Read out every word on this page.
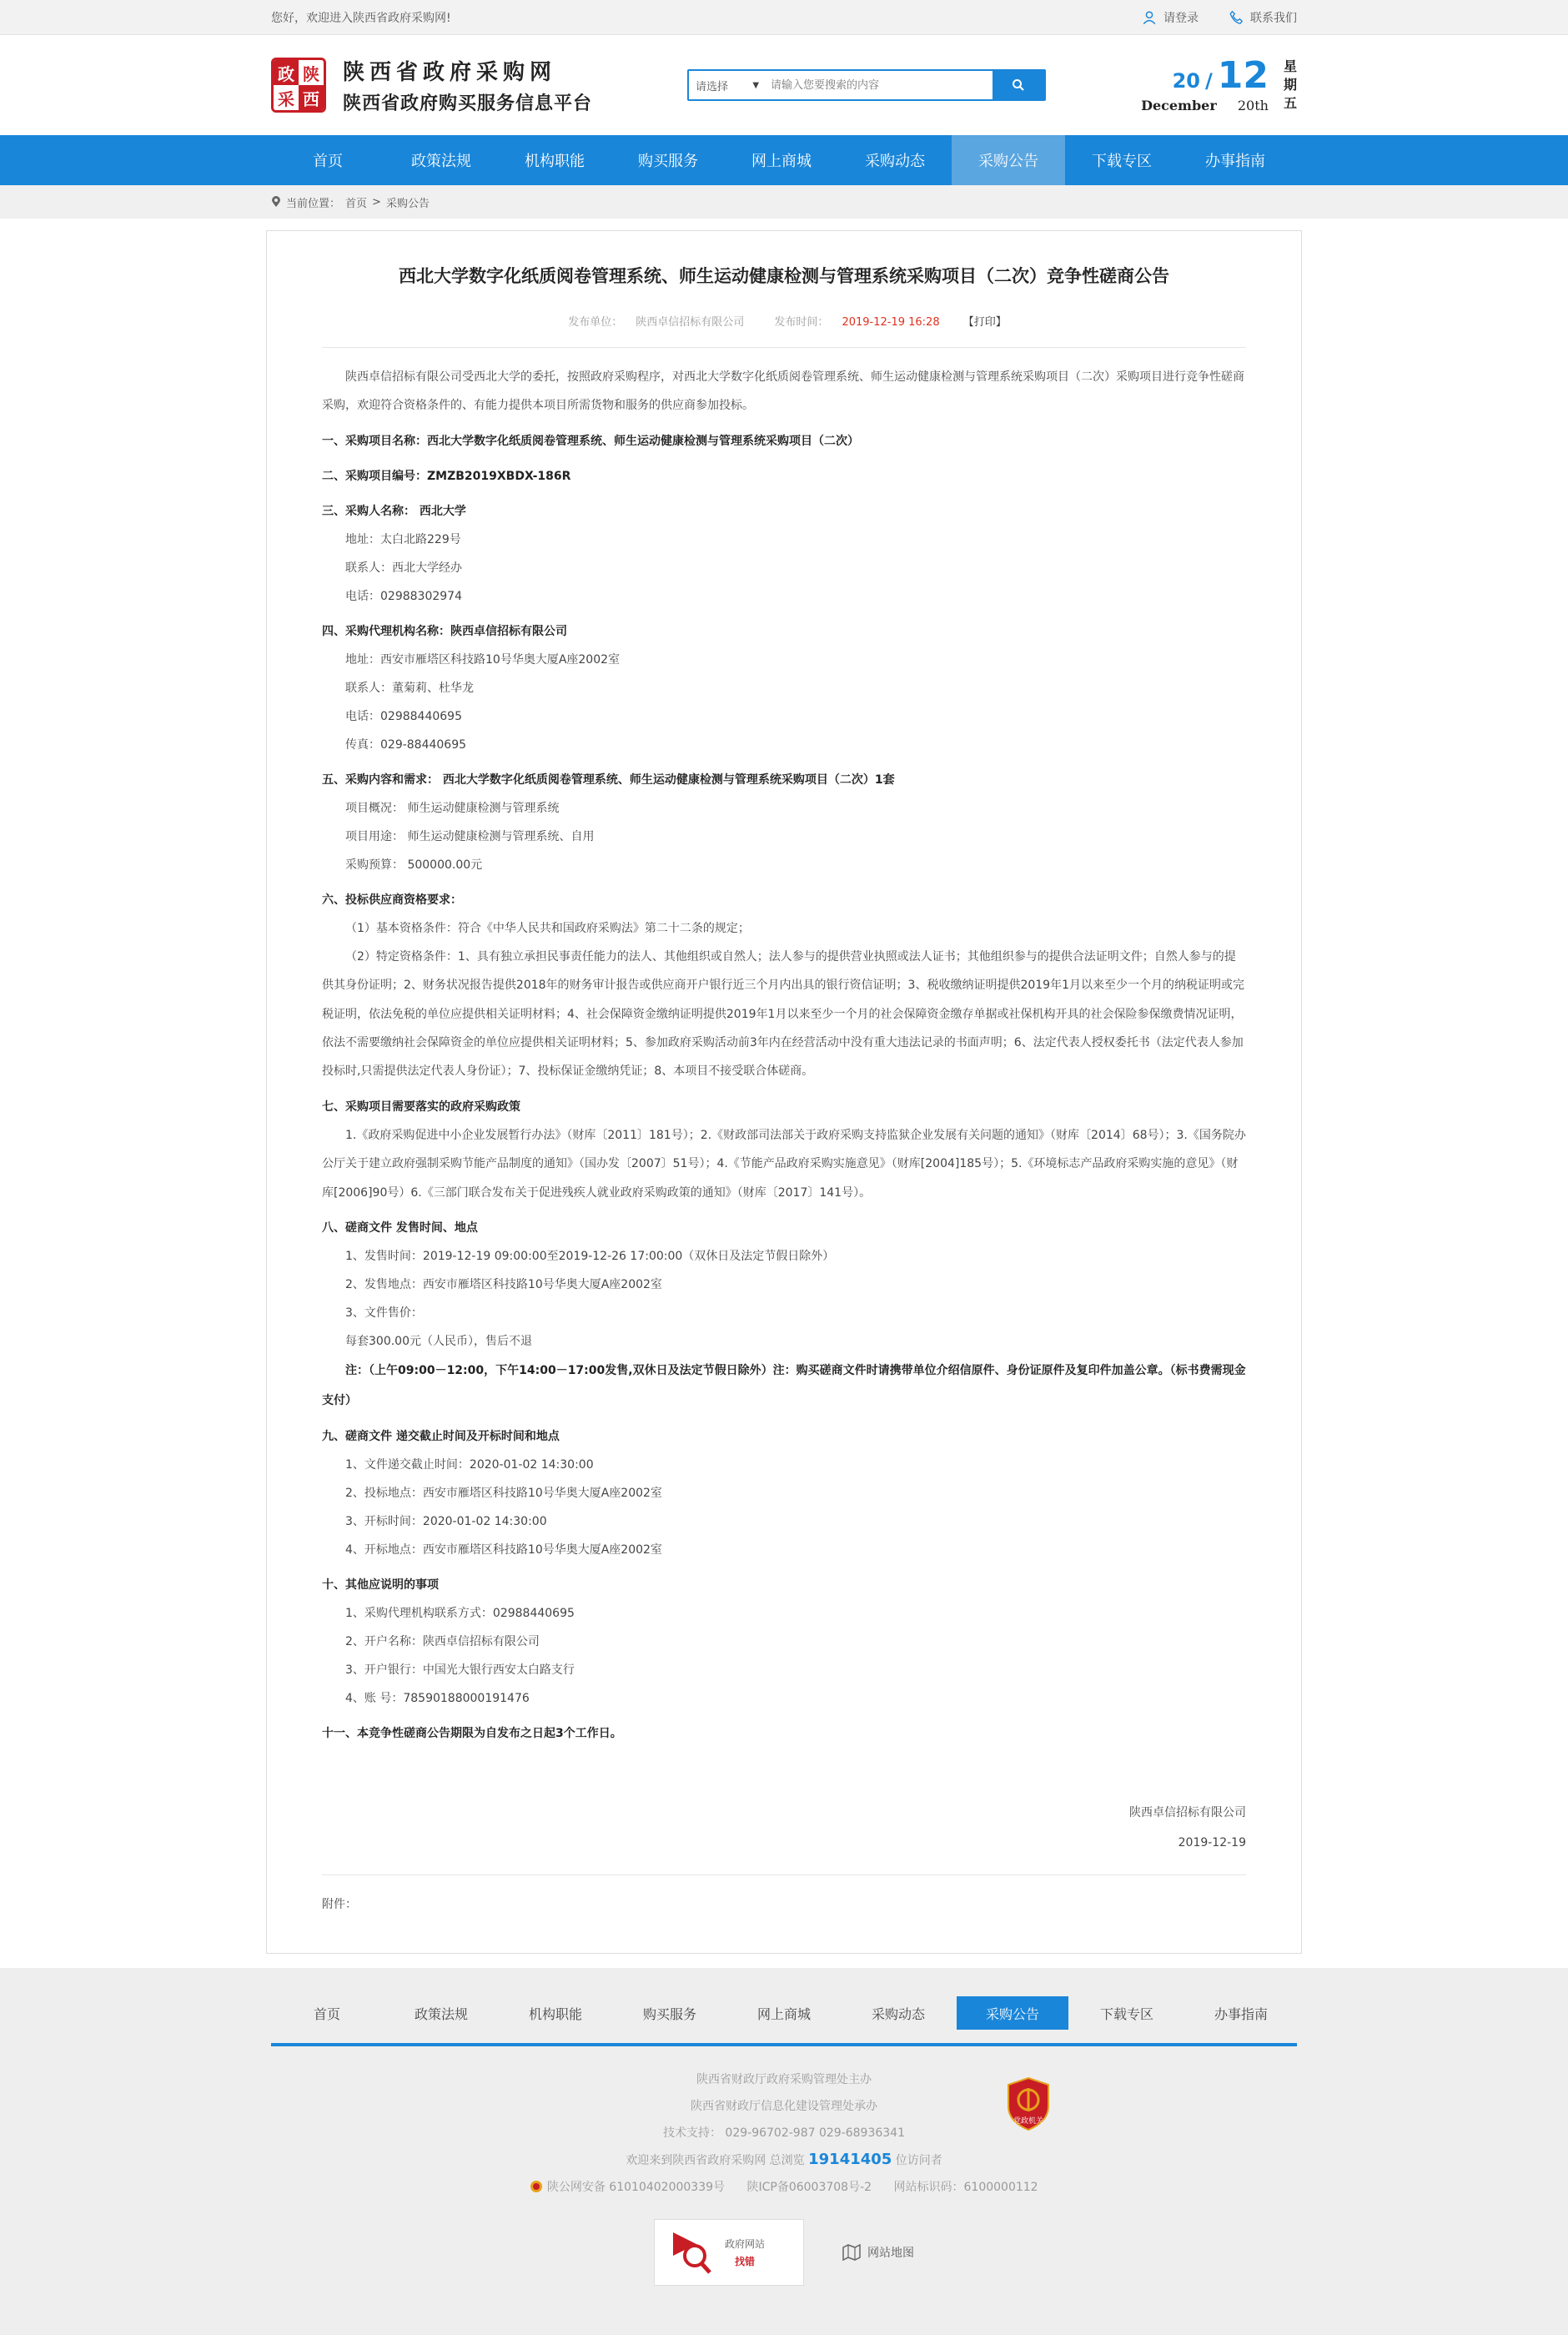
您好，欢迎进入陕西省政府采购网!	请登录	联系我们
政 陕
采 西
陕西省政府采购网
陕西省政府购买服务信息平台
请选择	▼
请输入您要搜索的内容	20 / 12
December 20th
星
期
五
首页	政策法规	机构职能	购买服务	网上商城	采购动态	采购公告	下载专区	办事指南
当前位置： 首页 > 采购公告
西北大学数字化纸质阅卷管理系统、师生运动健康检测与管理系统采购项目（二次）竞争性磋商公告
发布单位： 陕西卓信招标有限公司	发布时间： 2019-12-19 16:28 【打印】

陕西卓信招标有限公司受西北大学的委托，按照政府采购程序，对西北大学数字化纸质阅卷管理系统、师生运动健康检测与管理系统采购项目（二次）采购项目进行竞争性磋商采购，欢迎符合资格条件的、有能力提供本项目所需货物和服务的供应商参加投标。

一、采购项目名称：西北大学数字化纸质阅卷管理系统、师生运动健康检测与管理系统采购项目（二次）

二、采购项目编号：ZMZB2019XBDX-186R

三、采购人名称： 西北大学

地址：太白北路229号

联系人：西北大学经办

电话：02988302974

四、采购代理机构名称：陕西卓信招标有限公司

地址：西安市雁塔区科技路10号华奥大厦A座2002室

联系人：董菊莉、杜华龙

电话：02988440695

传真：029-88440695

五、采购内容和需求： 西北大学数字化纸质阅卷管理系统、师生运动健康检测与管理系统采购项目（二次）1套

项目概况： 师生运动健康检测与管理系统

项目用途： 师生运动健康检测与管理系统、自用

采购预算： 500000.00元

六、投标供应商资格要求：

（1）基本资格条件：符合《中华人民共和国政府采购法》第二十二条的规定；

（2）特定资格条件：1、具有独立承担民事责任能力的法人、其他组织或自然人；法人参与的提供营业执照或法人证书；其他组织参与的提供合法证明文件；自然人参与的提供其身份证明；2、财务状况报告提供2018年的财务审计报告或供应商开户银行近三个月内出具的银行资信证明；3、税收缴纳证明提供2019年1月以来至少一个月的纳税证明或完税证明，依法免税的单位应提供相关证明材料；4、社会保障资金缴纳证明提供2019年1月以来至少一个月的社会保障资金缴存单据或社保机构开具的社会保险参保缴费情况证明，依法不需要缴纳社会保障资金的单位应提供相关证明材料；5、参加政府采购活动前3年内在经营活动中没有重大违法记录的书面声明；6、法定代表人授权委托书（法定代表人参加投标时,只需提供法定代表人身份证）；7、投标保证金缴纳凭证；8、本项目不接受联合体磋商。

七、采购项目需要落实的政府采购政策

1.《政府采购促进中小企业发展暂行办法》（财库〔2011〕181号）；2.《财政部司法部关于政府采购支持监狱企业发展有关问题的通知》（财库〔2014〕68号）；3.《国务院办公厅关于建立政府强制采购节能产品制度的通知》（国办发〔2007〕51号）；4.《节能产品政府采购实施意见》（财库[2004]185号）；5.《环境标志产品政府采购实施的意见》（财库[2006]90号）6.《三部门联合发布关于促进残疾人就业政府采购政策的通知》（财库〔2017〕141号）。

八、磋商文件 发售时间、地点

1、发售时间：2019-12-19 09:00:00至2019-12-26 17:00:00（双休日及法定节假日除外）

2、发售地点：西安市雁塔区科技路10号华奥大厦A座2002室

3、文件售价：

每套300.00元（人民币），售后不退

注：（上午09:00－12:00，下午14:00－17:00发售,双休日及法定节假日除外）注：购买磋商文件时请携带单位介绍信原件、身份证原件及复印件加盖公章。（标书费需现金支付）

九、磋商文件 递交截止时间及开标时间和地点

1、文件递交截止时间：2020-01-02 14:30:00

2、投标地点：西安市雁塔区科技路10号华奥大厦A座2002室

3、开标时间：2020-01-02 14:30:00

4、开标地点：西安市雁塔区科技路10号华奥大厦A座2002室

十、其他应说明的事项

1、采购代理机构联系方式：02988440695

2、开户名称：陕西卓信招标有限公司

3、开户银行：中国光大银行西安太白路支行

4、账 号：78590188000191476

十一、本竞争性磋商公告期限为自发布之日起3个工作日。

陕西卓信招标有限公司
2019-12-19
附件：
首页	政策法规	机构职能	购买服务	网上商城	采购动态	采购公告	下载专区	办事指南
陕西省财政厅政府采购管理处主办
陕西省财政厅信息化建设管理处承办
技术支持： 029-96702-987 029-68936341
欢迎来到陕西省政府采购网 总浏览 19141405 位访问者
陕公网安备 61010402000339号 陕ICP备06003708号-2 网站标识码：6100000112
党政机关
政府网站
找错
网站地图
